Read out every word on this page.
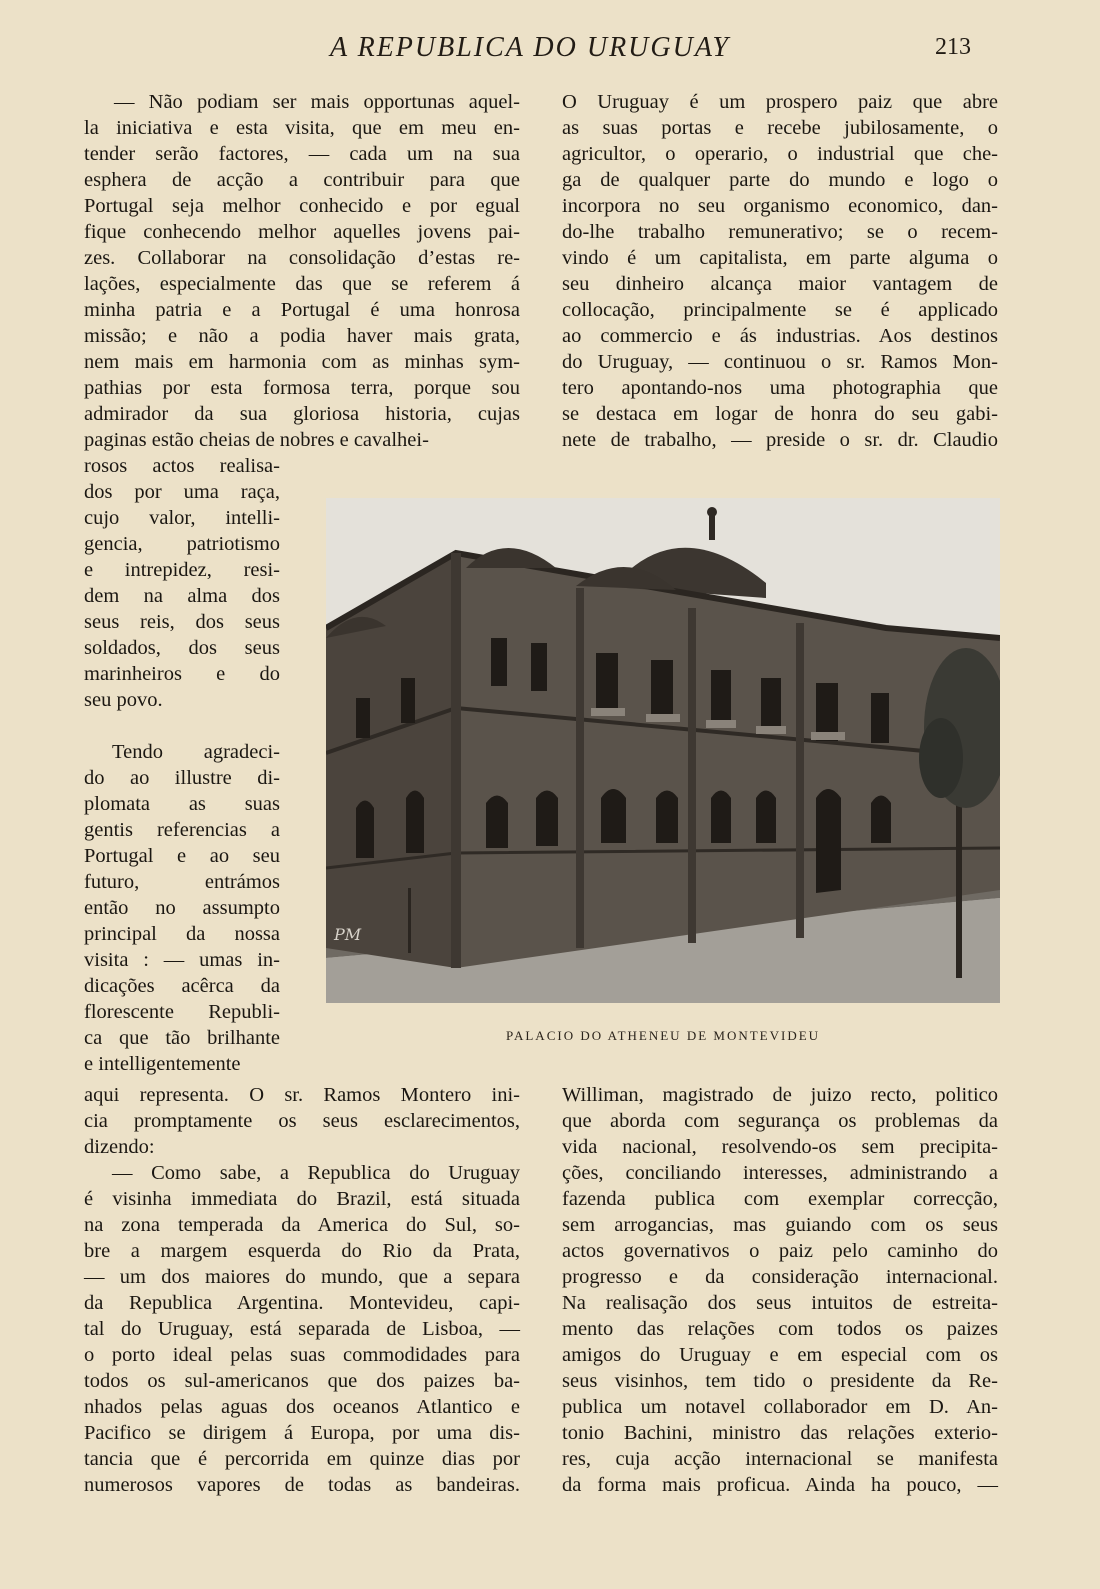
A REPUBLICA DO URUGUAY	213
— Não podiam ser mais opportunas aquel-
la iniciativa e esta visita, que em meu en-
tender serão factores, — cada um na sua
esphera de acção a contribuir para que
Portugal seja melhor conhecido e por egual
fique conhecendo melhor aquelles jovens pai-
zes. Collaborar na consolidação d’estas re-
lações, especialmente das que se referem á
minha patria e a Portugal é uma honrosa
missão; e não a podia haver mais grata,
nem mais em harmonia com as minhas sym-
pathias por esta formosa terra, porque sou
admirador da sua gloriosa historia, cujas
paginas estão cheias de nobres e cavalhei-
rosos actos realisa-
dos por uma raça,
cujo valor, intelli-
gencia, patriotismo
e intrepidez, resi-
dem na alma dos
seus reis, dos seus
soldados, dos seus
marinheiros e do
seu povo.
Tendo agradeci-
do ao illustre di-
plomata as suas
gentis referencias a
Portugal e ao seu
futuro, entrámos
então no assumpto
principal da nossa
visita : — umas in-
dicações acêrca da
florescente Republi-
ca que tão brilhante
e intelligentemente
aqui representa. O sr. Ramos Montero ini-
cia promptamente os seus esclarecimentos,
dizendo:
— Como sabe, a Republica do Uruguay
é visinha immediata do Brazil, está situada
na zona temperada da America do Sul, so-
bre a margem esquerda do Rio da Prata,
— um dos maiores do mundo, que a separa
da Republica Argentina. Montevideu, capi-
tal do Uruguay, está separada de Lisboa, —
o porto ideal pelas suas commodidades para
todos os sul-americanos que dos paizes ba-
nhados pelas aguas dos oceanos Atlantico e
Pacifico se dirigem á Europa, por uma dis-
tancia que é percorrida em quinze dias por
numerosos vapores de todas as bandeiras.
O Uruguay é um prospero paiz que abre
as suas portas e recebe jubilosamente, o
agricultor, o operario, o industrial que che-
ga de qualquer parte do mundo e logo o
incorpora no seu organismo economico, dan-
do-lhe trabalho remunerativo; se o recem-
vindo é um capitalista, em parte alguma o
seu dinheiro alcança maior vantagem de
collocação, principalmente se é applicado
ao commercio e ás industrias. Aos destinos
do Uruguay, — continuou o sr. Ramos Mon-
tero apontando-nos uma photographia que
se destaca em logar de honra do seu gabi-
nete de trabalho, — preside o sr. dr. Claudio
Williman, magistrado de juizo recto, politico
que aborda com segurança os problemas da
vida nacional, resolvendo-os sem precipita-
ções, conciliando interesses, administrando a
fazenda publica com exemplar correcção,
sem arrogancias, mas guiando com os seus
actos governativos o paiz pelo caminho do
progresso e da consideração internacional.
Na realisação dos seus intuitos de estreita-
mento das relações com todos os paizes
amigos do Uruguay e em especial com os
seus visinhos, tem tido o presidente da Re-
publica um notavel collaborador em D. An-
tonio Bachini, ministro das relações exterio-
res, cuja acção internacional se manifesta
da forma mais proficua. Ainda ha pouco, —
PM
PALACIO DO ATHENEU DE MONTEVIDEU
